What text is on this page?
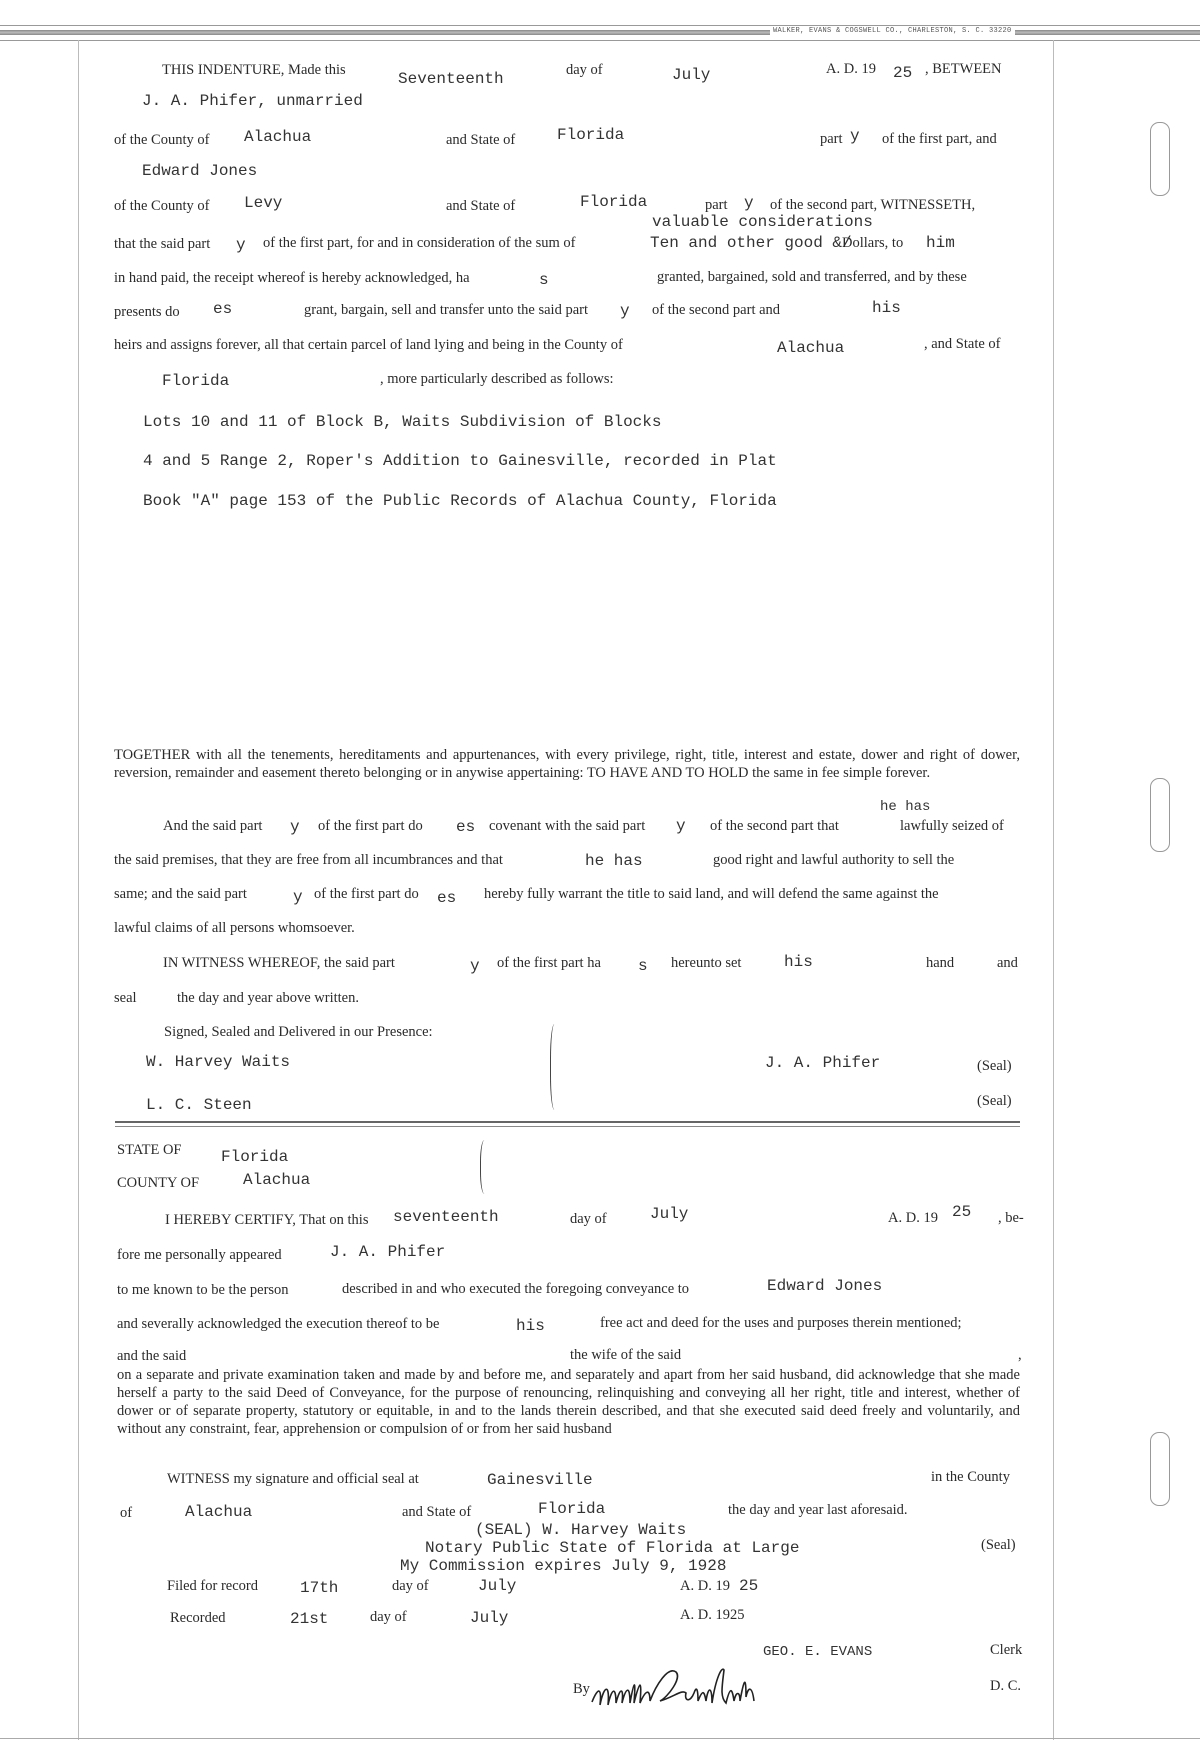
WALKER, EVANS & COGSWELL CO., CHARLESTON, S. C. 33220
THIS INDENTURE, Made this	Seventeenth	day of	July	A. D. 19 25 , BETWEEN
J. A. Phifer, unmarried
of the County of Alachua	and State of	Florida	part y of the first part, and
Edward Jones
of the County of Levy	and State of	Florida	part y of the second part, WITNESSETH,
valuable considerations
that the said part y of the first part, for and in consideration of the sum of	Ten and other good &/
Dollars, to him
in hand paid, the receipt whereof is hereby acknowledged, ha	s	granted, bargained, sold and transferred, and by these
presents do es	grant, bargain, sell and transfer unto the said part y of the second part and	his
heirs and assigns forever, all that certain parcel of land lying and being in the County of	Alachua	, and State of
Florida	, more particularly described as follows:
Lots 10 and 11 of Block B, Waits Subdivision of Blocks
4 and 5 Range 2, Roper's Addition to Gainesville, recorded in Plat
Book "A" page 153 of the Public Records of Alachua County, Florida
TOGETHER with all the tenements, hereditaments and appurtenances, with every privilege, right, title, interest and estate, dower and right of dower, reversion, remainder and easement thereto belonging or in anywise appertaining: TO HAVE AND TO HOLD the same in fee simple forever.
And the said part y of the first part do es covenant with the said part y of the second part that
he has
lawfully seized of
the said premises, that they are free from all incumbrances and that	he has	good right and lawful authority to sell the
same; and the said part	y of the first part do es hereby fully warrant the title to said land, and will defend the same against the
lawful claims of all persons whomsoever.
IN WITNESS WHEREOF, the said part	y of the first part ha s hereunto set	his	hand	and
seal	the day and year above written.
Signed, Sealed and Delivered in our Presence:
W. Harvey Waits
L. C. Steen
J. A. Phifer	(Seal)
(Seal)
STATE OF Florida
COUNTY OF	Alachua
I HEREBY CERTIFY, That on this seventeenth	day of	July	A. D. 19 25 , be-
fore me personally appeared	J. A. Phifer
to me known to be the person	described in and who executed the foregoing conveyance to	Edward Jones
and severally acknowledged the execution thereof to be	his	free act and deed for the uses and purposes therein mentioned;
and the said	the wife of the said	,
on a separate and private examination taken and made by and before me, and separately and apart from her said husband, did acknowledge that she made herself a party to the said Deed of Conveyance, for the purpose of renouncing, relinquishing and conveying all her right, title and interest, whether of dower or of separate property, statutory or equitable, in and to the lands therein described, and that she executed said deed freely and voluntarily, and without any constraint, fear, apprehension or compulsion of or from her said husband
WITNESS my signature and official seal at	Gainesville	in the County
of	Alachua	and State of	Florida	the day and year last aforesaid.
(SEAL) W. Harvey Waits
Notary Public State of Florida at Large
My Commission expires July 9, 1928
(Seal)
Filed for record	17th	day of	July	A. D. 19 25
Recorded	21st	day of	July	A. D. 1925
GEO. E. EVANS	Clerk
By	D. C.
